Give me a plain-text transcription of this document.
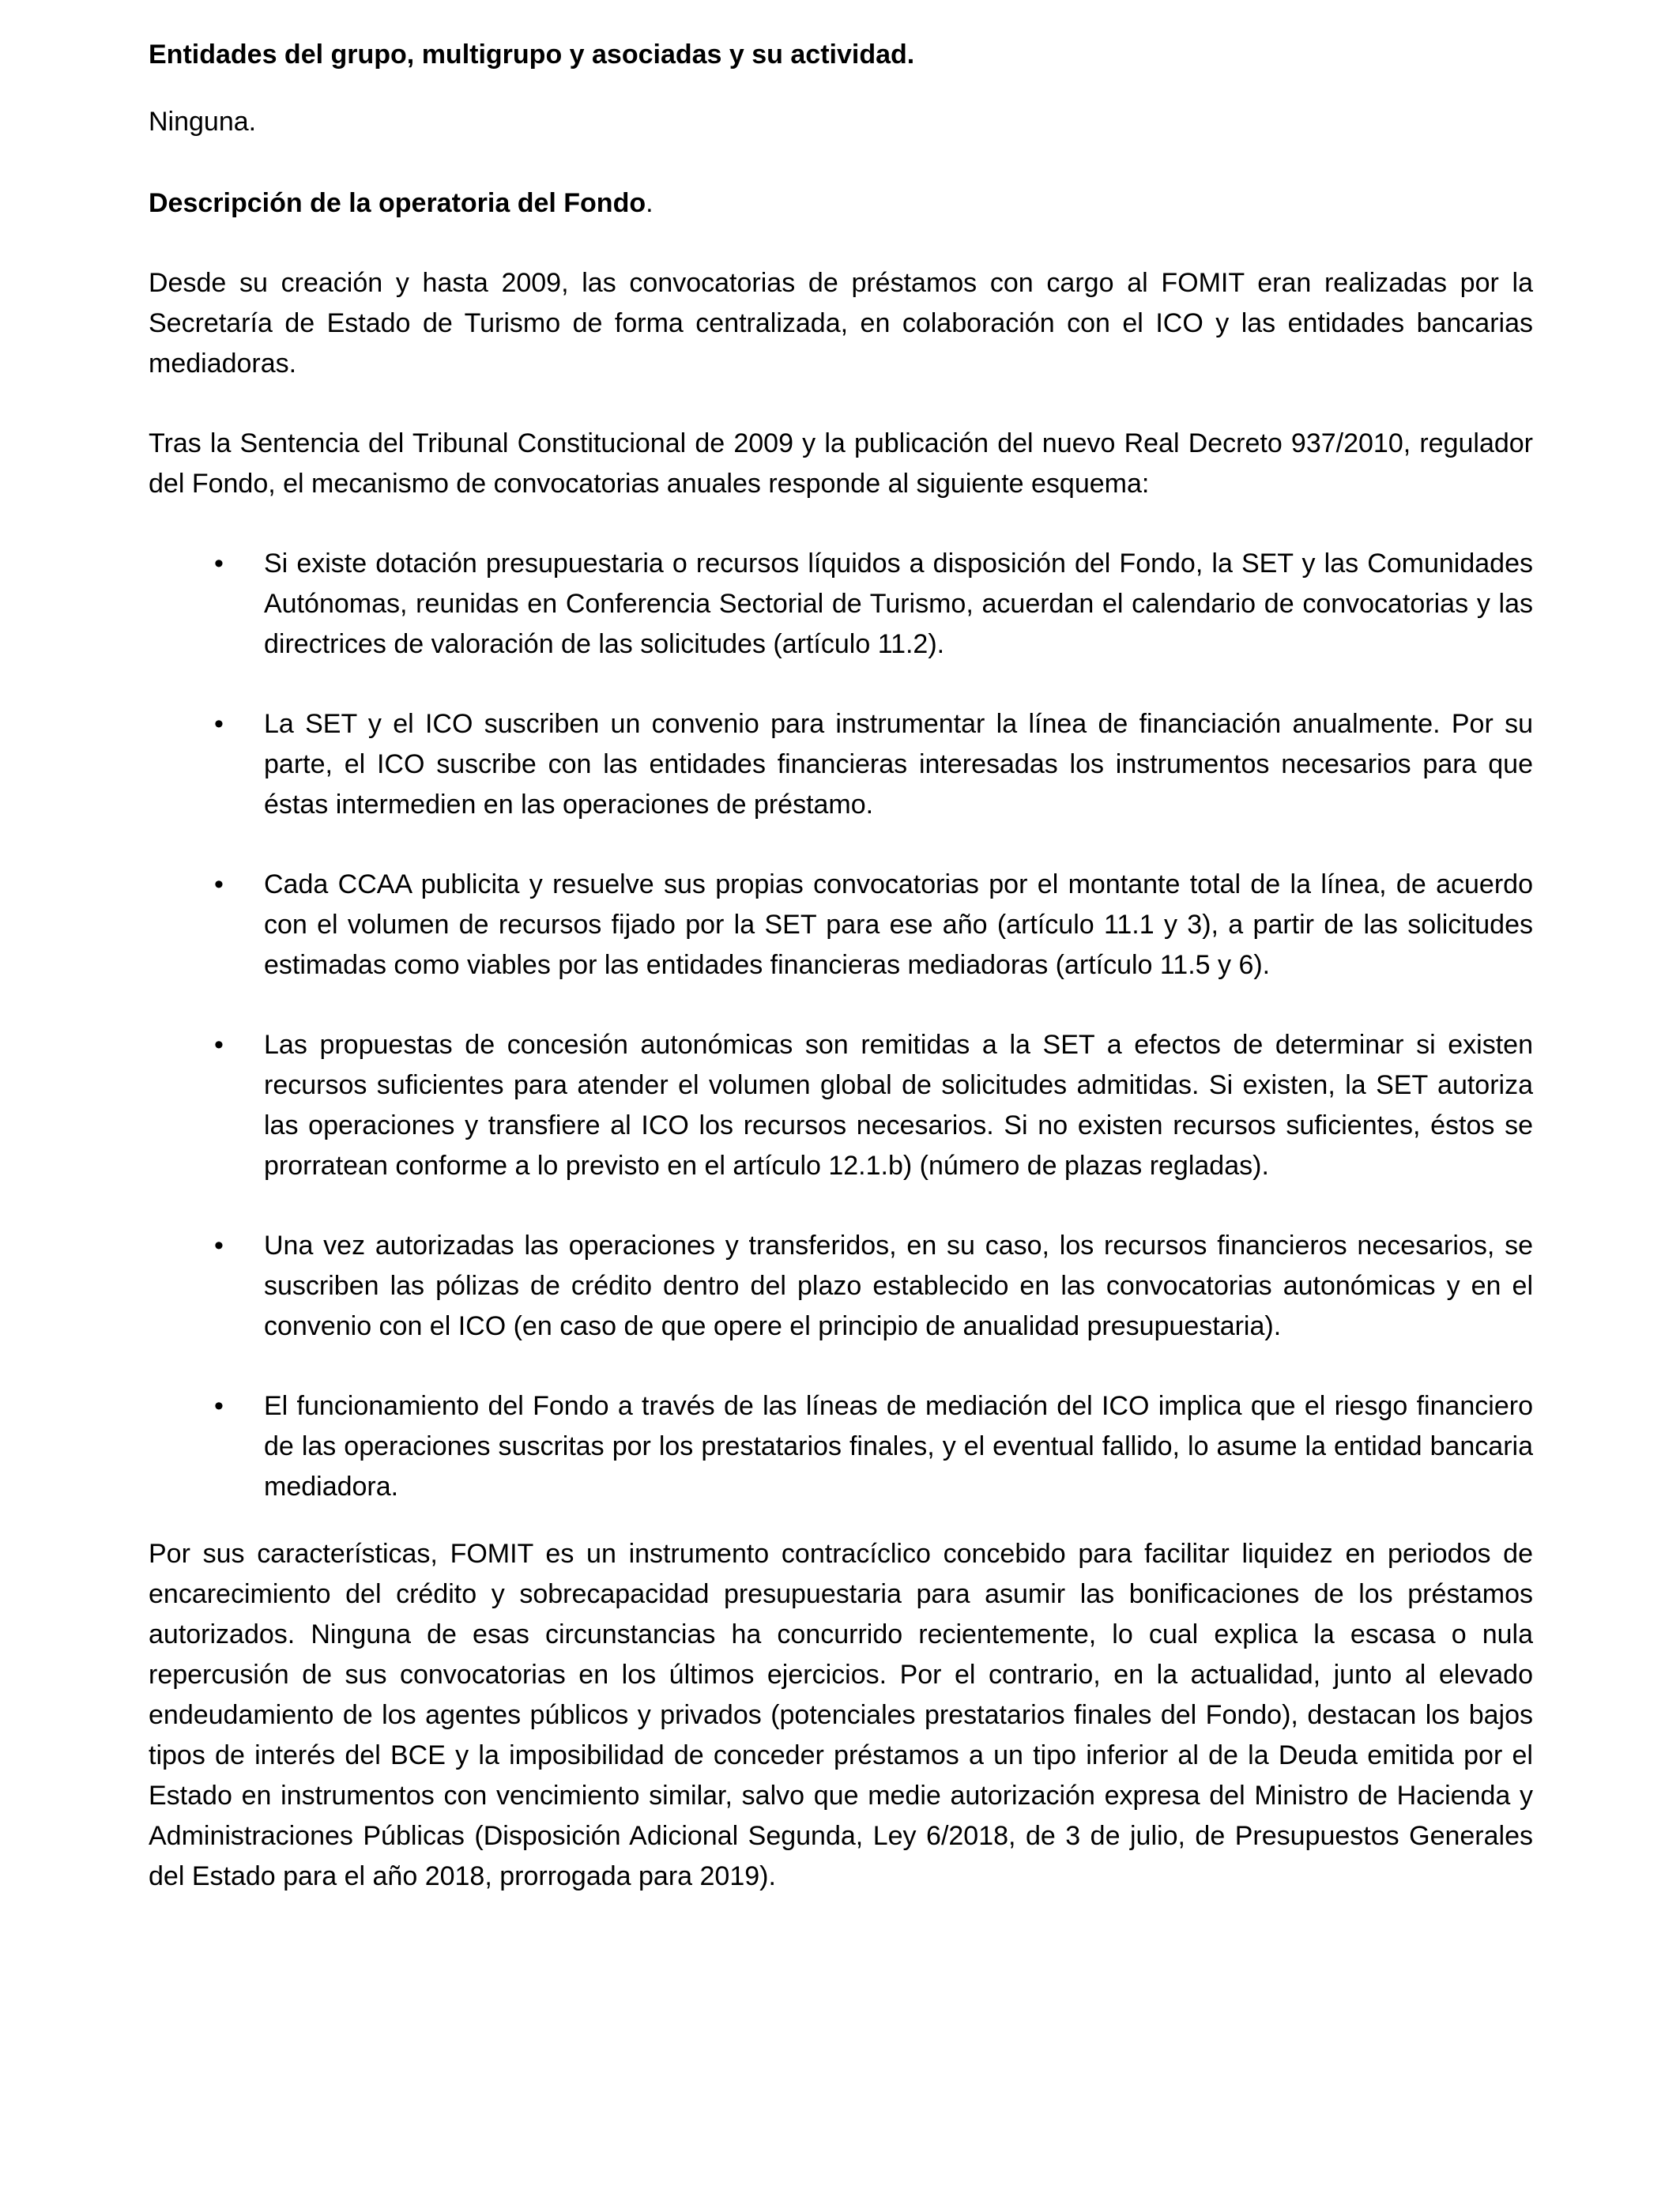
Entidades del grupo, multigrupo y asociadas y su actividad.

Ninguna.

Descripción de la operatoria del Fondo.

Desde su creación y hasta 2009, las convocatorias de préstamos con cargo al FOMIT eran realizadas por la Secretaría de Estado de Turismo de forma centralizada, en colaboración con el ICO y las entidades bancarias mediadoras.

Tras la Sentencia del Tribunal Constitucional de 2009 y la publicación del nuevo Real Decreto 937/2010, regulador del Fondo, el mecanismo de convocatorias anuales responde al siguiente esquema:

• Si existe dotación presupuestaria o recursos líquidos a disposición del Fondo, la SET y las Comunidades Autónomas, reunidas en Conferencia Sectorial de Turismo, acuerdan el calendario de convocatorias y las directrices de valoración de las solicitudes (artículo 11.2).
• La SET y el ICO suscriben un convenio para instrumentar la línea de financiación anualmente. Por su parte, el ICO suscribe con las entidades financieras interesadas los instrumentos necesarios para que éstas intermedien en las operaciones de préstamo.
• Cada CCAA publicita y resuelve sus propias convocatorias por el montante total de la línea, de acuerdo con el volumen de recursos fijado por la SET para ese año (artículo 11.1 y 3), a partir de las solicitudes estimadas como viables por las entidades financieras mediadoras (artículo 11.5 y 6).
• Las propuestas de concesión autonómicas son remitidas a la SET a efectos de determinar si existen recursos suficientes para atender el volumen global de solicitudes admitidas. Si existen, la SET autoriza las operaciones y transfiere al ICO los recursos necesarios. Si no existen recursos suficientes, éstos se prorratean conforme a lo previsto en el artículo 12.1.b) (número de plazas regladas).
• Una vez autorizadas las operaciones y transferidos, en su caso, los recursos financieros necesarios, se suscriben las pólizas de crédito dentro del plazo establecido en las convocatorias autonómicas y en el convenio con el ICO (en caso de que opere el principio de anualidad presupuestaria).
• El funcionamiento del Fondo a través de las líneas de mediación del ICO implica que el riesgo financiero de las operaciones suscritas por los prestatarios finales, y el eventual fallido, lo asume la entidad bancaria mediadora.

Por sus características, FOMIT es un instrumento contracíclico concebido para facilitar liquidez en periodos de encarecimiento del crédito y sobrecapacidad presupuestaria para asumir las bonificaciones de los préstamos autorizados. Ninguna de esas circunstancias ha concurrido recientemente, lo cual explica la escasa o nula repercusión de sus convocatorias en los últimos ejercicios. Por el contrario, en la actualidad, junto al elevado endeudamiento de los agentes públicos y privados (potenciales prestatarios finales del Fondo), destacan los bajos tipos de interés del BCE y la imposibilidad de conceder préstamos a un tipo inferior al de la Deuda emitida por el Estado en instrumentos con vencimiento similar, salvo que medie autorización expresa del Ministro de Hacienda y Administraciones Públicas (Disposición Adicional Segunda, Ley 6/2018, de 3 de julio, de Presupuestos Generales del Estado para el año 2018, prorrogada para 2019).
